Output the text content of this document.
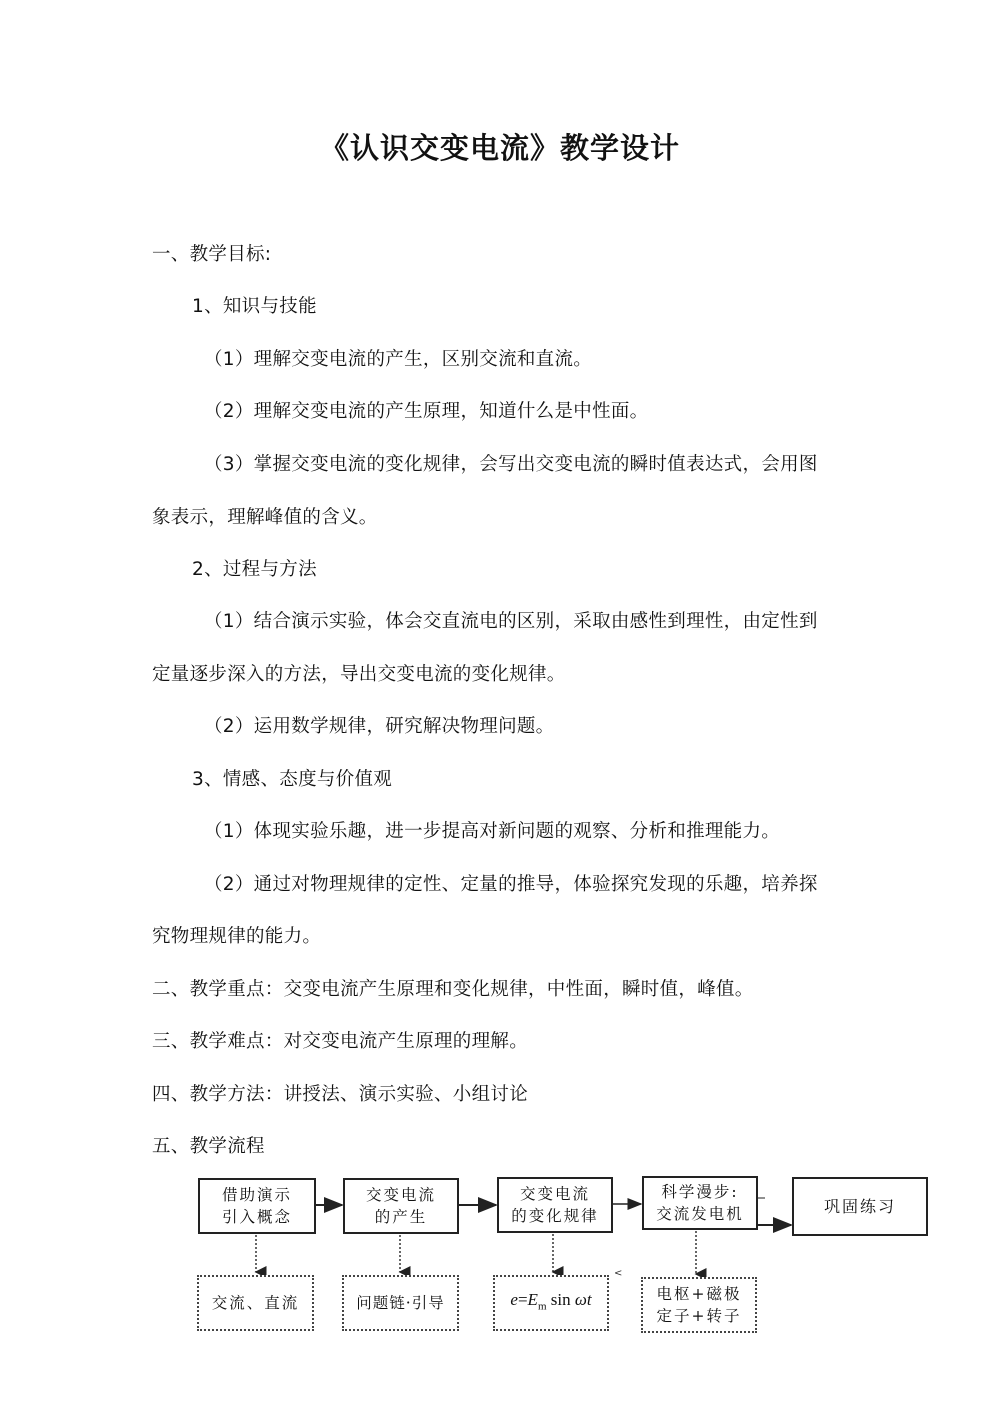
《认识交变电流》教学设计
一、教学目标:
1、知识与技能
（1）理解交变电流的产生，区别交流和直流。
（2）理解交变电流的产生原理，知道什么是中性面。
（3）掌握交变电流的变化规律，会写出交变电流的瞬时值表达式，会用图
象表示，理解峰值的含义。
2、过程与方法
（1）结合演示实验，体会交直流电的区别，采取由感性到理性，由定性到
定量逐步深入的方法，导出交变电流的变化规律。
（2）运用数学规律，研究解决物理问题。
3、情感、态度与价值观
（1）体现实验乐趣，进一步提高对新问题的观察、分析和推理能力。
（2）通过对物理规律的定性、定量的推导，体验探究发现的乐趣，培养探
究物理规律的能力。
二、教学重点：交变电流产生原理和变化规律，中性面，瞬时值，峰值。
三、教学难点：对交变电流产生原理的理解。
四、教学方法：讲授法、演示实验、小组讨论
五、教学流程
<
借助演示
引入概念
交变电流
的产生
交变电流
的变化规律
科学漫步:
交流发电机	巩固练习
交流、直流	问题链·引导	$e=E_m$ sin ωt	电枢+磁极
定子+转子
